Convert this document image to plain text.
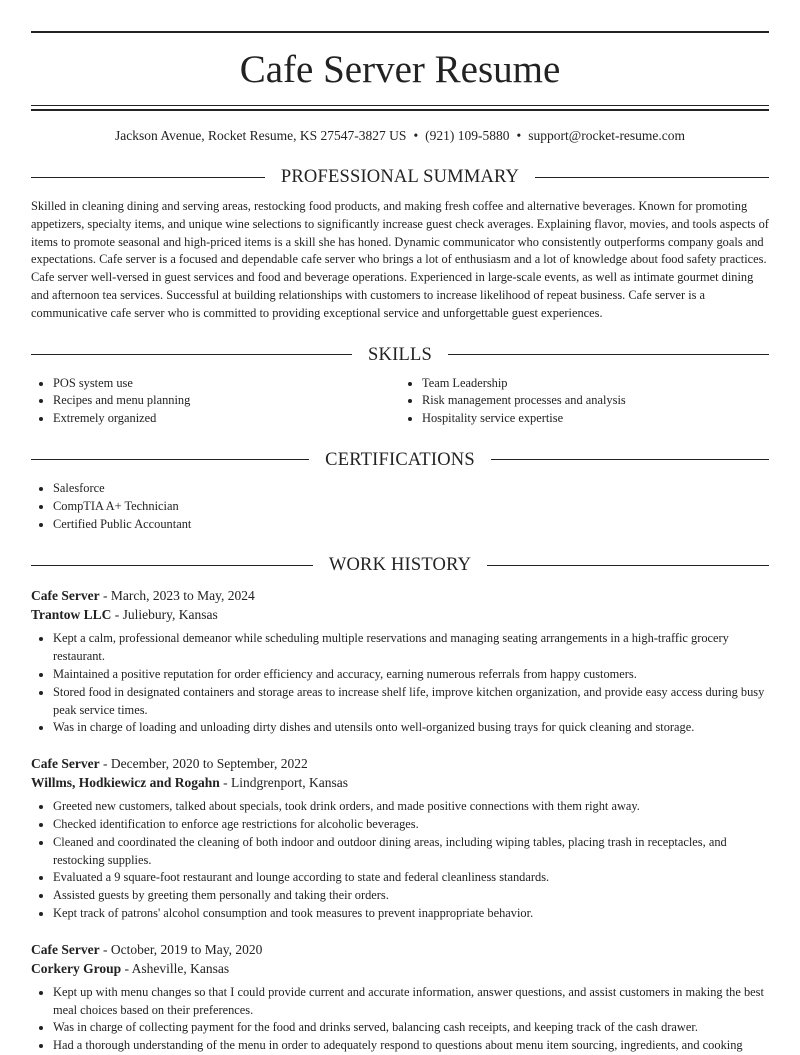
Cafe Server Resume
Jackson Avenue, Rocket Resume, KS 27547-3827 US • (921) 109-5880 • support@rocket-resume.com
PROFESSIONAL SUMMARY

Skilled in cleaning dining and serving areas, restocking food products, and making fresh coffee and alternative beverages. Known for promoting appetizers, specialty items, and unique wine selections to significantly increase guest check averages. Explaining flavor, movies, and tools aspects of items to promote seasonal and high-priced items is a skill she has honed. Dynamic communicator who consistently outperforms company goals and expectations. Cafe server is a focused and dependable cafe server who brings a lot of enthusiasm and a lot of knowledge about food safety practices. Cafe server well-versed in guest services and food and beverage operations. Experienced in large-scale events, as well as intimate gourmet dining and afternoon tea services. Successful at building relationships with customers to increase likelihood of repeat business. Cafe server is a communicative cafe server who is committed to providing exceptional service and unforgettable guest experiences.

SKILLS
• POS system use
• Recipes and menu planning
• Extremely organized
• Team Leadership
• Risk management processes and analysis
• Hospitality service expertise
CERTIFICATIONS
• Salesforce
• CompTIA A+ Technician
• Certified Public Accountant
WORK HISTORY
Cafe Server - March, 2023 to May, 2024
Trantow LLC - Juliebury, Kansas
• Kept a calm, professional demeanor while scheduling multiple reservations and managing seating arrangements in a high-traffic grocery restaurant.
• Maintained a positive reputation for order efficiency and accuracy, earning numerous referrals from happy customers.
• Stored food in designated containers and storage areas to increase shelf life, improve kitchen organization, and provide easy access during busy peak service times.
• Was in charge of loading and unloading dirty dishes and utensils onto well-organized busing trays for quick cleaning and storage.
Cafe Server - December, 2020 to September, 2022
Willms, Hodkiewicz and Rogahn - Lindgrenport, Kansas
• Greeted new customers, talked about specials, took drink orders, and made positive connections with them right away.
• Checked identification to enforce age restrictions for alcoholic beverages.
• Cleaned and coordinated the cleaning of both indoor and outdoor dining areas, including wiping tables, placing trash in receptacles, and restocking supplies.
• Evaluated a 9 square-foot restaurant and lounge according to state and federal cleanliness standards.
• Assisted guests by greeting them personally and taking their orders.
• Kept track of patrons' alcohol consumption and took measures to prevent inappropriate behavior.
Cafe Server - October, 2019 to May, 2020
Corkery Group - Asheville, Kansas
• Kept up with menu changes so that I could provide current and accurate information, answer questions, and assist customers in making the best meal choices based on their preferences.
• Was in charge of collecting payment for the food and drinks served, balancing cash receipts, and keeping track of the cash drawer.
• Had a thorough understanding of the menu in order to adequately respond to questions about menu item sourcing, ingredients, and cooking
